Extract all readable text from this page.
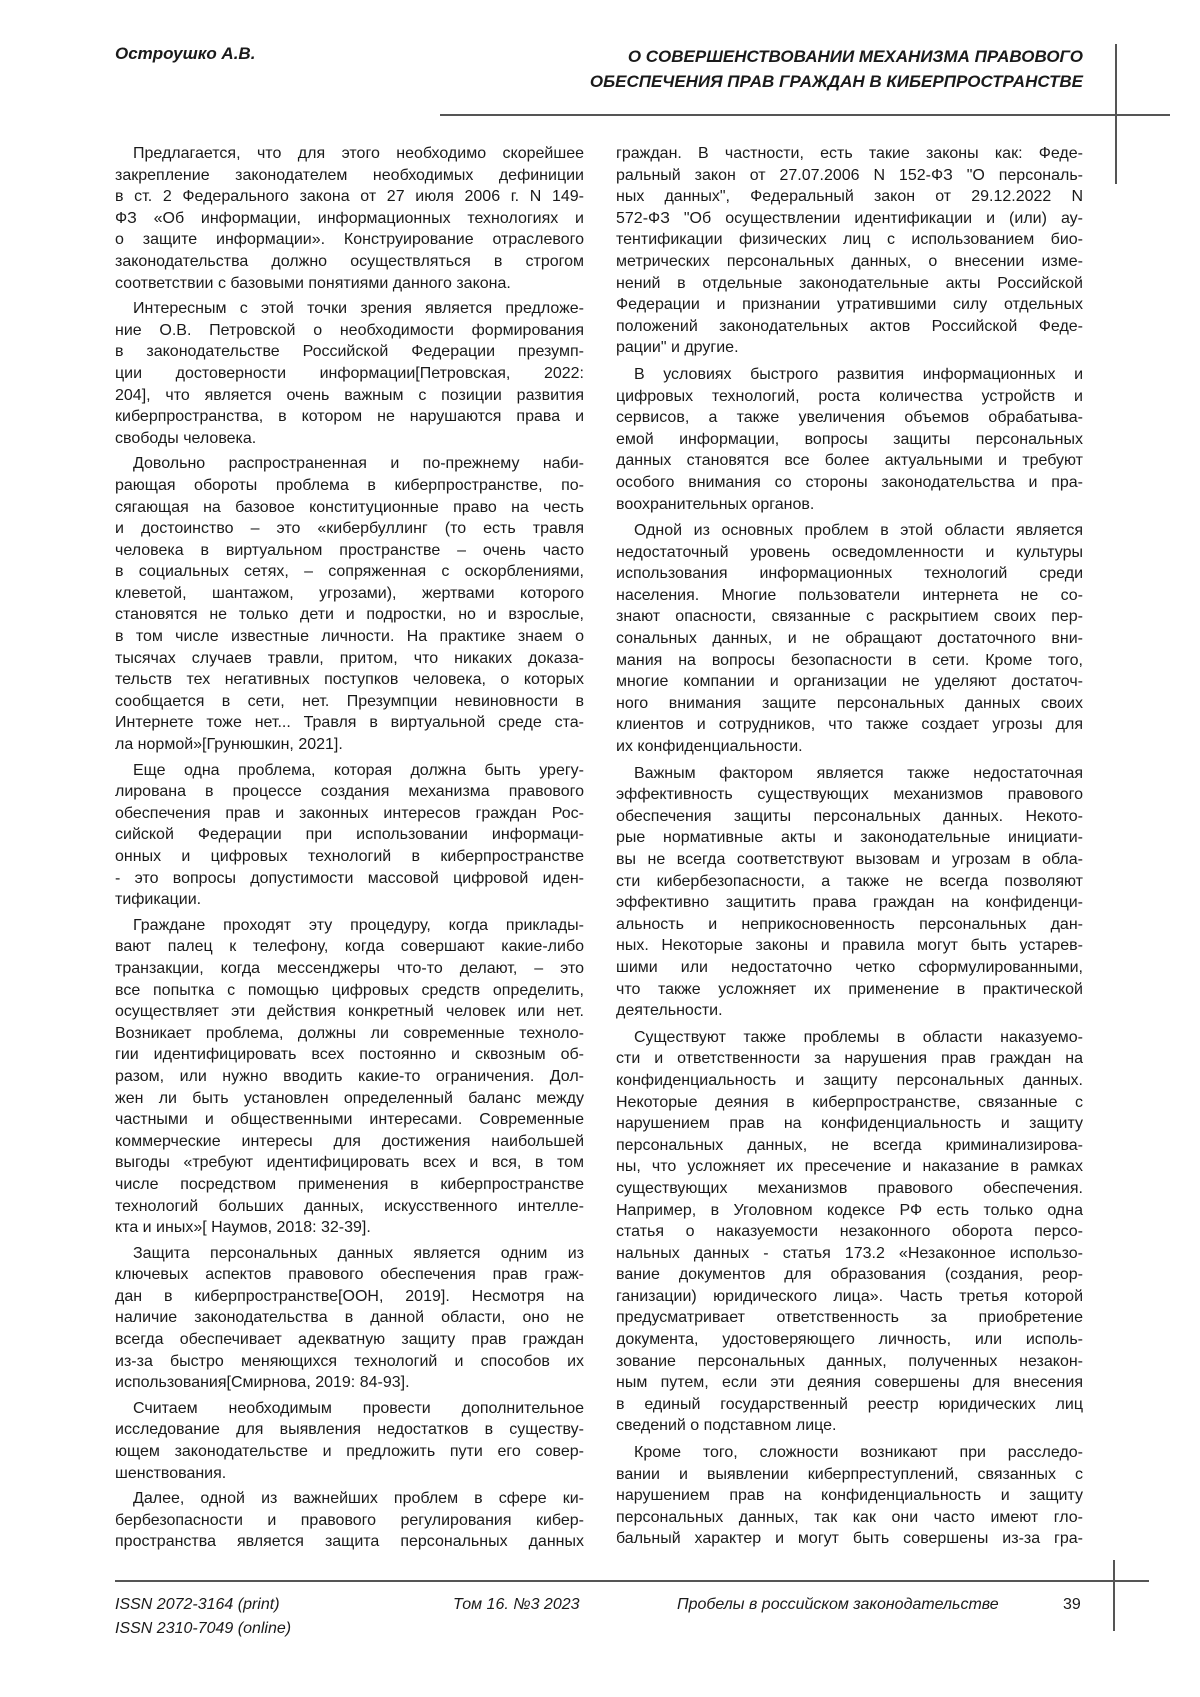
Остроушко А.В.	О СОВЕРШЕНСТВОВАНИИ МЕХАНИЗМА ПРАВОВОГО
ОБЕСПЕЧЕНИЯ ПРАВ ГРАЖДАН В КИБЕРПРОСТРАНСТВЕ
Предлагается, что для этого необходимо скорейшее
закрепление законодателем необходимых дефиниции
в ст. 2 Федерального закона от 27 июля 2006 г. N 149-
ФЗ «Об информации, информационных технологиях и
о защите информации». Конструирование отраслевого
законодательства должно осуществляться в строгом
соответствии с базовыми понятиями данного закона.
Интересным с этой точки зрения является предложе-
ние О.В. Петровской о необходимости формирования
в законодательстве Российской Федерации презумп-
ции достоверности информации[Петровская, 2022:
204], что является очень важным с позиции развития
киберпространства, в котором не нарушаются права и
свободы человека.
Довольно распространенная и по-прежнему наби-
рающая обороты проблема в киберпространстве, по-
сягающая на базовое конституционные право на честь
и достоинство – это «кибербуллинг (то есть травля
человека в виртуальном пространстве – очень часто
в социальных сетях, – сопряженная с оскорблениями,
клеветой, шантажом, угрозами), жертвами которого
становятся не только дети и подростки, но и взрослые,
в том числе известные личности. На практике знаем о
тысячах случаев травли, притом, что никаких доказа-
тельств тех негативных поступков человека, о которых
сообщается в сети, нет. Презумпции невиновности в
Интернете тоже нет... Травля в виртуальной среде ста-
ла нормой»[Грунюшкин, 2021].
Еще одна проблема, которая должна быть урегу-
лирована в процессе создания механизма правового
обеспечения прав и законных интересов граждан Рос-
сийской Федерации при использовании информаци-
онных и цифровых технологий в киберпространстве
- это вопросы допустимости массовой цифровой иден-
тификации.
Граждане проходят эту процедуру, когда приклады-
вают палец к телефону, когда совершают какие-либо
транзакции, когда мессенджеры что-то делают, – это
все попытка с помощью цифровых средств определить,
осуществляет эти действия конкретный человек или нет.
Возникает проблема, должны ли современные техноло-
гии идентифицировать всех постоянно и сквозным об-
разом, или нужно вводить какие-то ограничения. Дол-
жен ли быть установлен определенный баланс между
частными и общественными интересами. Современные
коммерческие интересы для достижения наибольшей
выгоды «требуют идентифицировать всех и вся, в том
числе посредством применения в киберпространстве
технологий больших данных, искусственного интелле-
кта и иных»[ Наумов, 2018: 32-39].
Защита персональных данных является одним из
ключевых аспектов правового обеспечения прав граж-
дан в киберпространстве[ООН, 2019]. Несмотря на
наличие законодательства в данной области, оно не
всегда обеспечивает адекватную защиту прав граждан
из-за быстро меняющихся технологий и способов их
использования[Смирнова, 2019: 84-93].
Считаем необходимым провести дополнительное
исследование для выявления недостатков в существу-
ющем законодательстве и предложить пути его совер-
шенствования.
Далее, одной из важнейших проблем в сфере ки-
бербезопасности и правового регулирования кибер-
пространства является защита персональных данных
граждан. В частности, есть такие законы как: Феде-
ральный закон от 27.07.2006 N 152-ФЗ "О персональ-
ных данных", Федеральный закон от 29.12.2022 N
572-ФЗ "Об осуществлении идентификации и (или) ау-
тентификации физических лиц с использованием био-
метрических персональных данных, о внесении изме-
нений в отдельные законодательные акты Российской
Федерации и признании утратившими силу отдельных
положений законодательных актов Российской Феде-
рации" и другие.
В условиях быстрого развития информационных и
цифровых технологий, роста количества устройств и
сервисов, а также увеличения объемов обрабатыва-
емой информации, вопросы защиты персональных
данных становятся все более актуальными и требуют
особого внимания со стороны законодательства и пра-
воохранительных органов.
Одной из основных проблем в этой области является
недостаточный уровень осведомленности и культуры
использования информационных технологий среди
населения. Многие пользователи интернета не со-
знают опасности, связанные с раскрытием своих пер-
сональных данных, и не обращают достаточного вни-
мания на вопросы безопасности в сети. Кроме того,
многие компании и организации не уделяют достаточ-
ного внимания защите персональных данных своих
клиентов и сотрудников, что также создает угрозы для
их конфиденциальности.
Важным фактором является также недостаточная
эффективность существующих механизмов правового
обеспечения защиты персональных данных. Некото-
рые нормативные акты и законодательные инициати-
вы не всегда соответствуют вызовам и угрозам в обла-
сти кибербезопасности, а также не всегда позволяют
эффективно защитить права граждан на конфиденци-
альность и неприкосновенность персональных дан-
ных. Некоторые законы и правила могут быть устарев-
шими или недостаточно четко сформулированными,
что также усложняет их применение в практической
деятельности.
Существуют также проблемы в области наказуемо-
сти и ответственности за нарушения прав граждан на
конфиденциальность и защиту персональных данных.
Некоторые деяния в киберпространстве, связанные с
нарушением прав на конфиденциальность и защиту
персональных данных, не всегда криминализирова-
ны, что усложняет их пресечение и наказание в рамках
существующих механизмов правового обеспечения.
Например, в Уголовном кодексе РФ есть только одна
статья о наказуемости незаконного оборота персо-
нальных данных - статья 173.2 «Незаконное использо-
вание документов для образования (создания, реор-
ганизации) юридического лица». Часть третья которой
предусматривает ответственность за приобретение
документа, удостоверяющего личность, или исполь-
зование персональных данных, полученных незакон-
ным путем, если эти деяния совершены для внесения
в единый государственный реестр юридических лиц
сведений о подставном лице.
Кроме того, сложности возникают при расследо-
вании и выявлении киберпреступлений, связанных с
нарушением прав на конфиденциальность и защиту
персональных данных, так как они часто имеют гло-
бальный характер и могут быть совершены из-за гра-
ISSN 2072-3164 (print)
ISSN 2310-7049 (online)
Том 16. №3 2023	Пробелы в российском законодательстве	39
